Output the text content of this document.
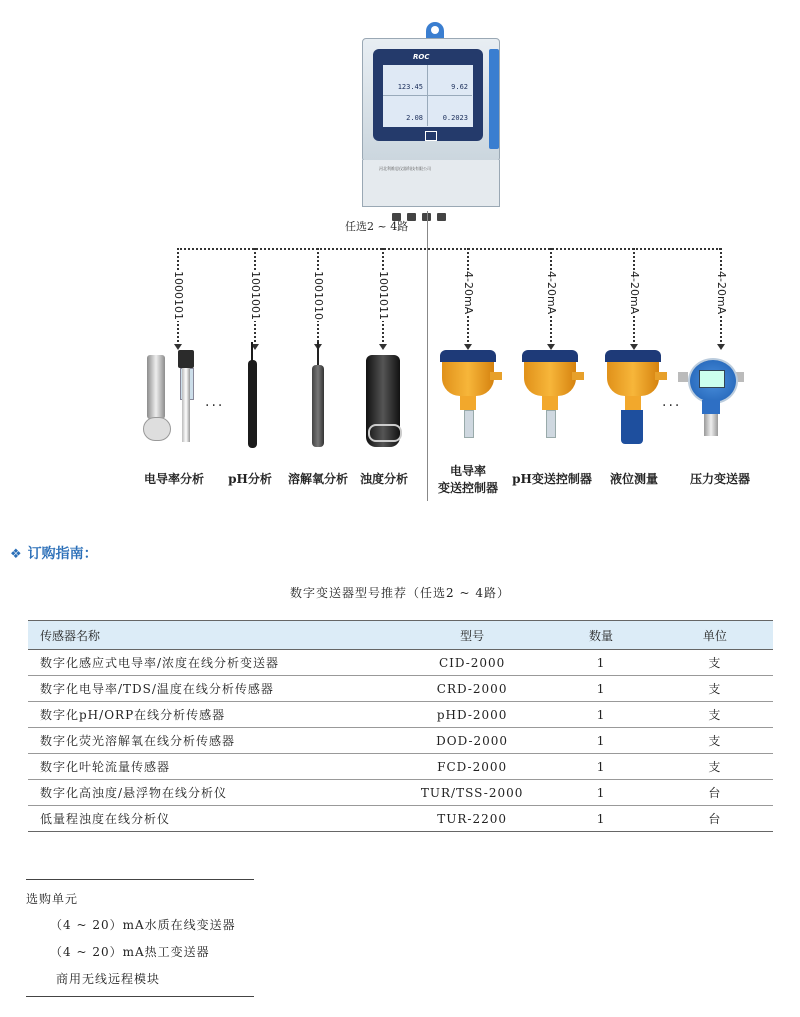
ROC
123.45	9.62
2.08	0.2023
河北利维思仪器科技有限公司
任选2 ~ 4路
1000101	1001001	1001010	1001011	4-20mA	4-20mA	4-20mA	4-20mA
···	···
电导率分析	pH分析	溶解氧分析 浊度分析
电导率
变送控制器
pH变送控制器	液位测量	压力变送器
❖ 订购指南：
数字变送器型号推荐（任选2 ~ 4路）
传感器名称	型号	数量	单位
数字化感应式电导率/浓度在线分析变送器	CID-2000	1	支
数字化电导率/TDS/温度在线分析传感器	CRD-2000	1	支
数字化pH/ORP在线分析传感器	pHD-2000	1	支
数字化荧光溶解氧在线分析传感器	DOD-2000	1	支
数字化叶轮流量传感器	FCD-2000	1	支
数字化高浊度/悬浮物在线分析仪	TUR/TSS-2000	1	台
低量程浊度在线分析仪	TUR-2200	1	台
选购单元
（4 ~ 20）mA水质在线变送器
（4 ~ 20）mA热工变送器
商用无线远程模块
